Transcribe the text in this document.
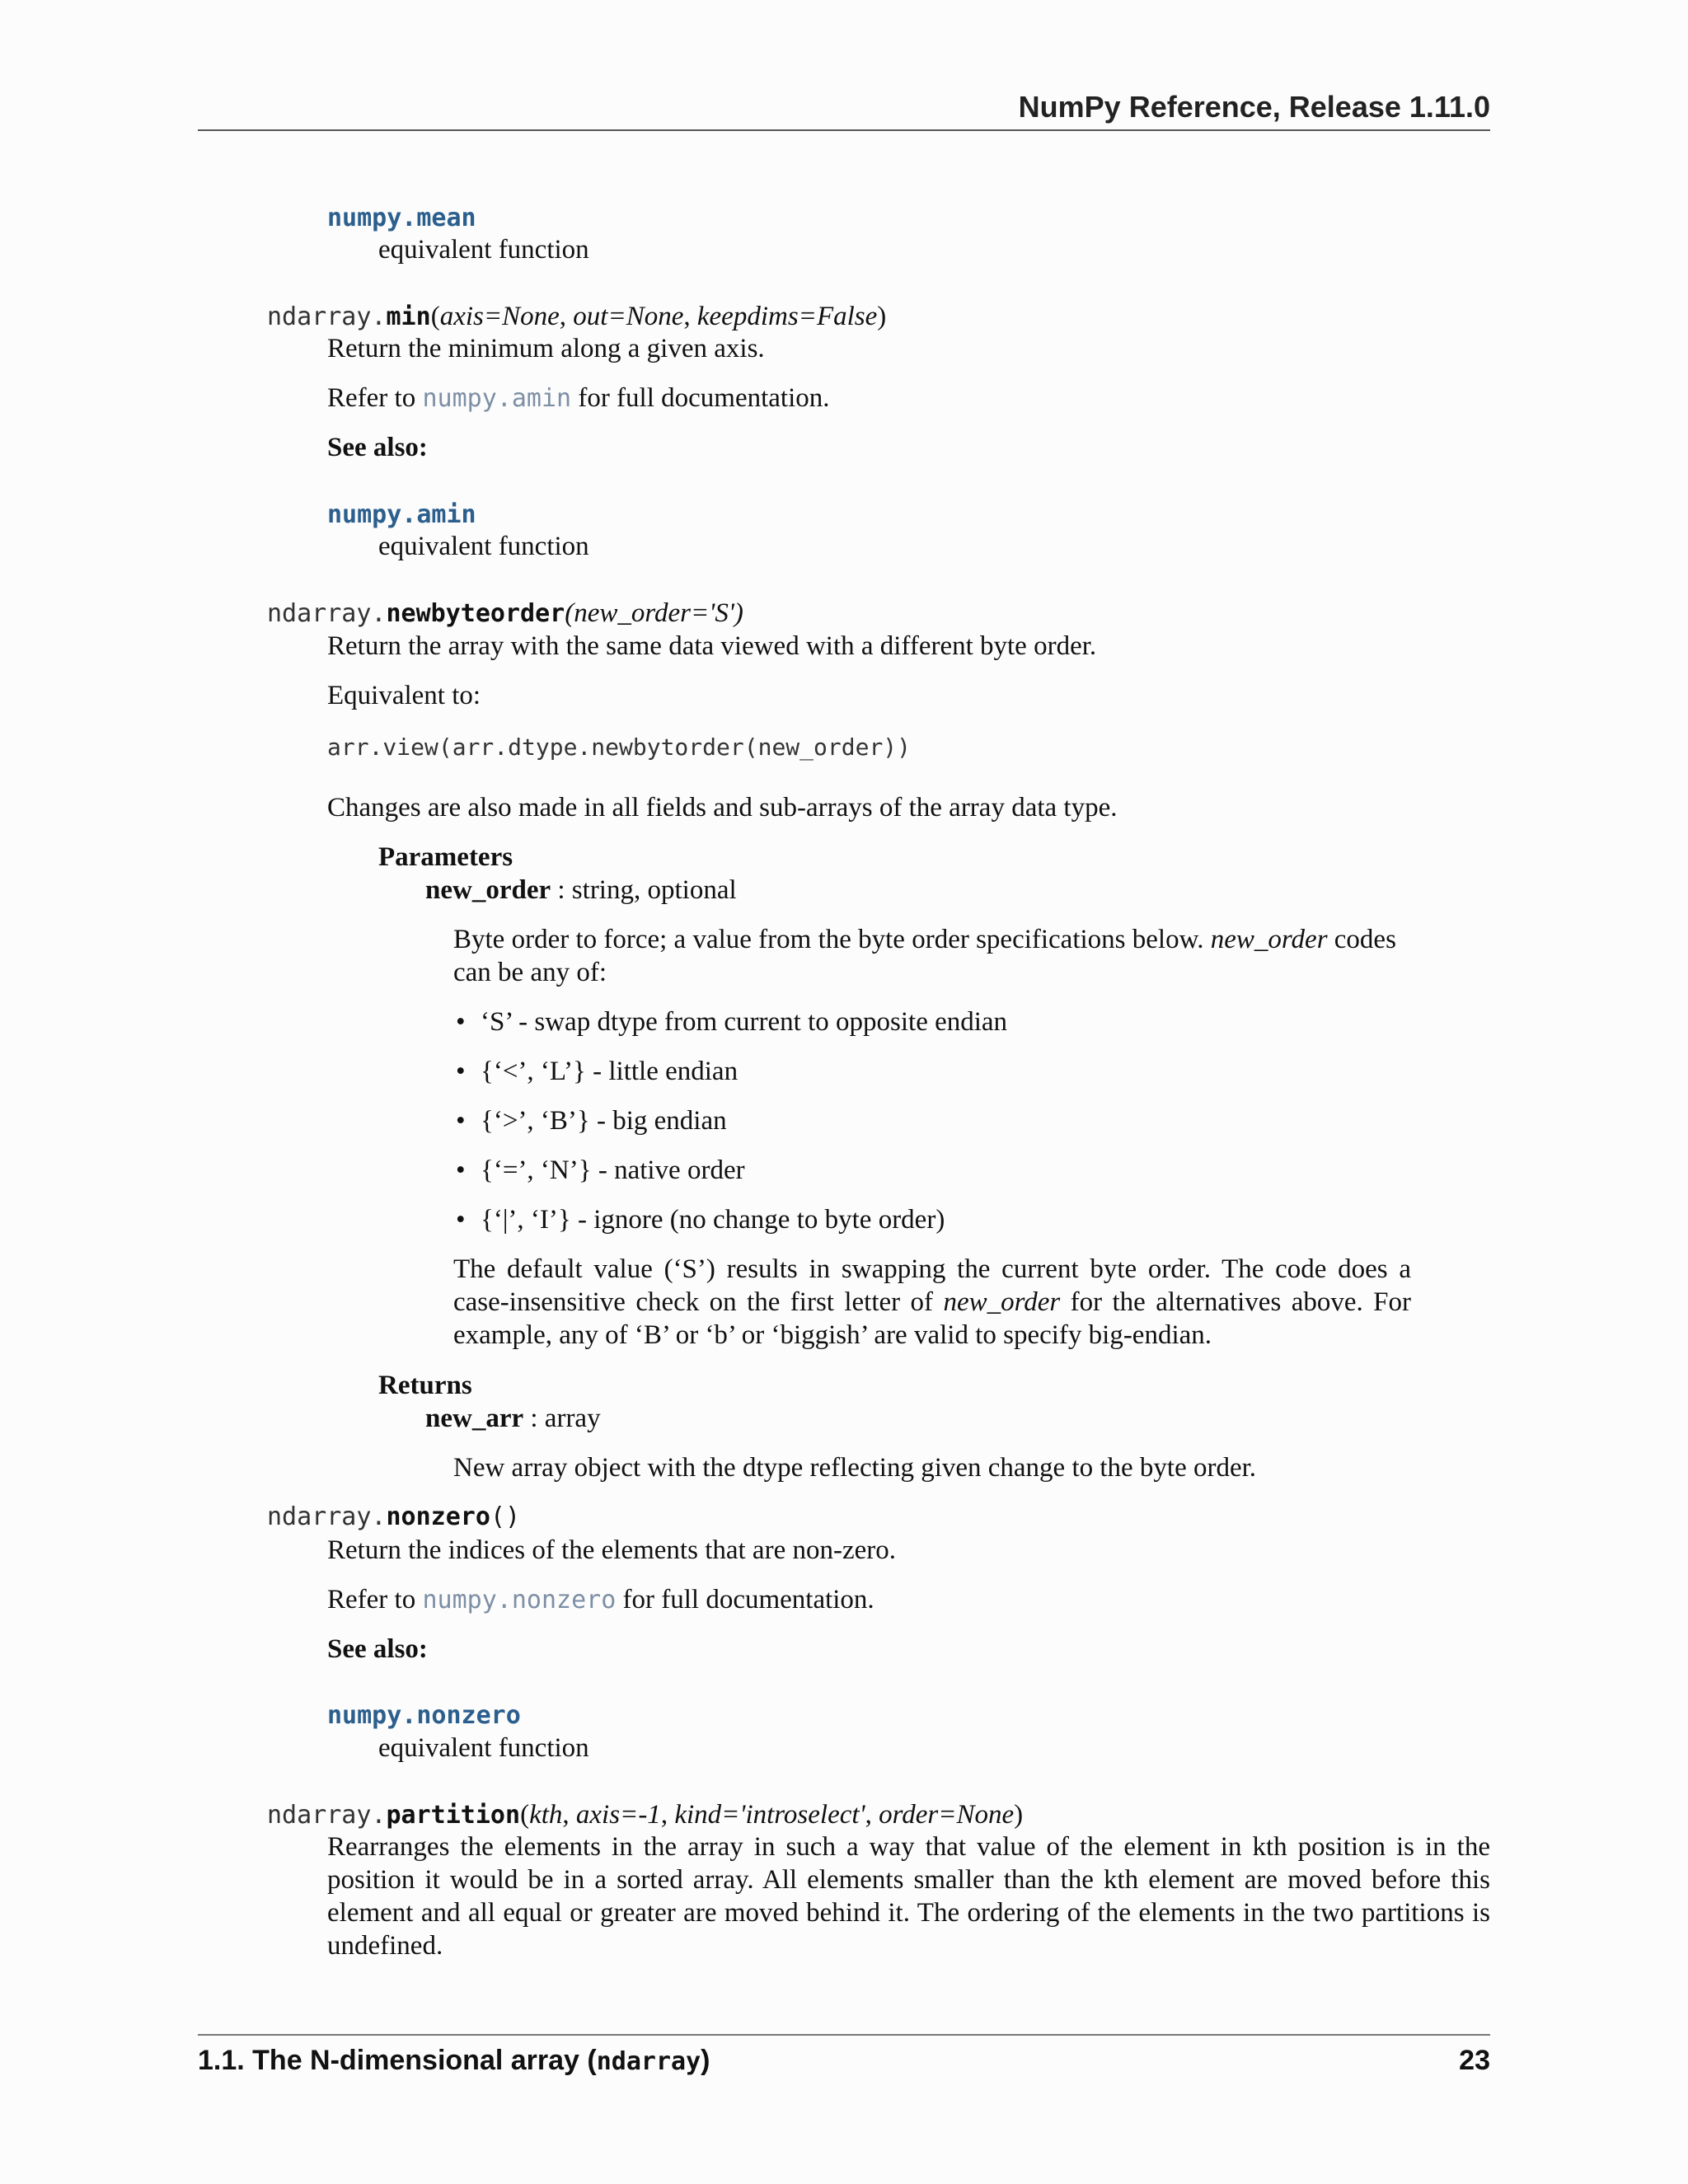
NumPy Reference, Release 1.11.0
numpy.mean
equivalent function
ndarray.min(axis=None, out=None, keepdims=False)
Return the minimum along a given axis.
Refer to numpy.amin for full documentation.
See also:
numpy.amin
equivalent function
ndarray.newbyteorder(new_order='S')
Return the array with the same data viewed with a different byte order.
Equivalent to:
arr.view(arr.dtype.newbytorder(new_order))
Changes are also made in all fields and sub-arrays of the array data type.
Parameters
new_order : string, optional
Byte order to force; a value from the byte order specifications below. new_order codes
can be any of:
• ‘S’ - swap dtype from current to opposite endian
• {‘<’, ‘L’} - little endian
• {‘>’, ‘B’} - big endian
• {‘=’, ‘N’} - native order
• {‘|’, ‘I’} - ignore (no change to byte order)
The default value (‘S’) results in swapping the current byte order. The code does a
case-insensitive check on the first letter of new_order for the alternatives above. For
example, any of ‘B’ or ‘b’ or ‘biggish’ are valid to specify big-endian.
Returns
new_arr : array
New array object with the dtype reflecting given change to the byte order.
ndarray.nonzero()
Return the indices of the elements that are non-zero.
Refer to numpy.nonzero for full documentation.
See also:
numpy.nonzero
equivalent function
ndarray.partition(kth, axis=-1, kind='introselect', order=None)
Rearranges the elements in the array in such a way that value of the element in kth position is in the
position it would be in a sorted array. All elements smaller than the kth element are moved before this
element and all equal or greater are moved behind it. The ordering of the elements in the two partitions is
undefined.
1.1. The N-dimensional array (ndarray)	23
